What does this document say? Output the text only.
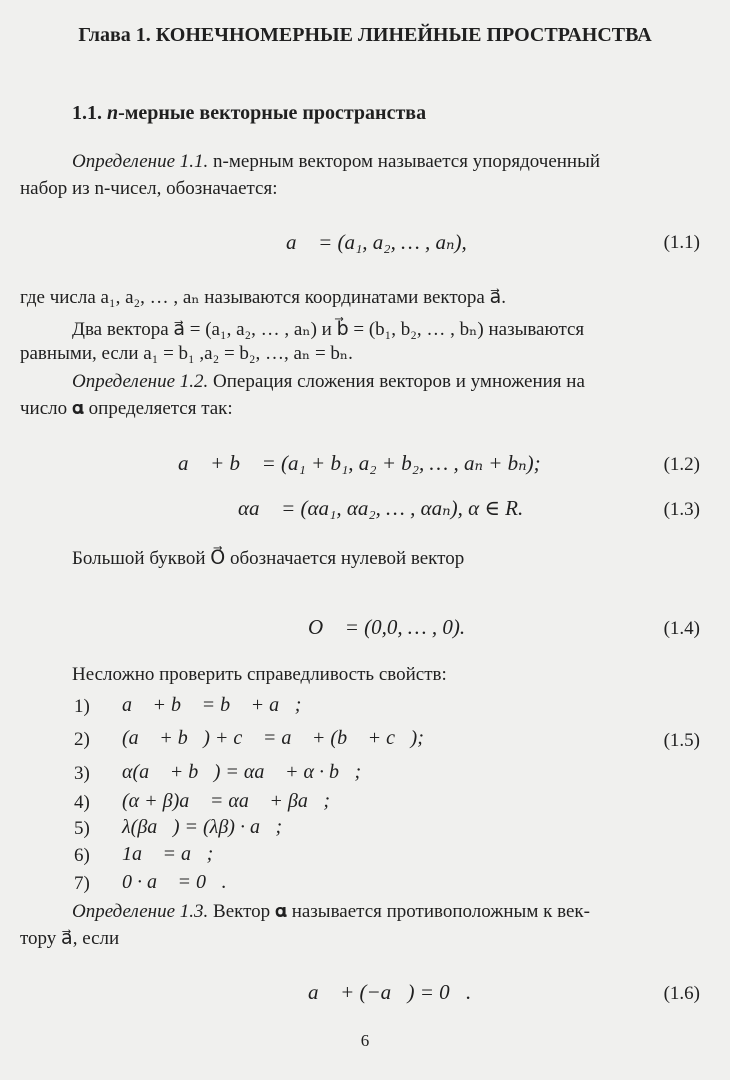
Глава 1. КОНЕЧНОМЕРНЫЕ ЛИНЕЙНЫЕ ПРОСТРАНСТВА
1.1. n-мерные векторные пространства
Определение 1.1. n-мерным вектором называется упорядоченный
набор из n-чисел, обозначается:
a⃗ = (a₁, a₂, … , aₙ),	(1.1)
где числа a₁, a₂, … , aₙ называются координатами вектора a⃗.
Два вектора a⃗ = (a₁, a₂, … , aₙ) и b⃗ = (b₁, b₂, … , bₙ) называются
равными, если a₁ = b₁ ,a₂ = b₂, …, aₙ = bₙ.
Определение 1.2. Операция сложения векторов и умножения на
число 𝛂 определяется так:
a⃗ + b⃗ = (a₁ + b₁, a₂ + b₂, … , aₙ + bₙ);	(1.2)
αa⃗ = (αa₁, αa₂, … , αaₙ), α ∈ R.	(1.3)
Большой буквой O⃗ обозначается нулевой вектор
O⃗ = (0,0, … , 0).	(1.4)
Несложно проверить справедливость свойств:
1) a⃗ + b⃗ = b⃗ + a⃗;
2) (a⃗ + b⃗) + c⃗ = a⃗ + (b⃗ + c⃗);	(1.5)
3) α(a⃗ + b⃗) = αa⃗ + α · b⃗;
4) (α + β)a⃗ = αa⃗ + βa⃗;
5) λ(βa⃗) = (λβ) · a⃗;
6) 1a⃗ = a⃗;
7) 0 · a⃗ = 0⃗.
Определение 1.3. Вектор 𝛂 называется противоположным к век-
тору a⃗, если
a⃗ + (−a⃗) = 0⃗.	(1.6)
6
